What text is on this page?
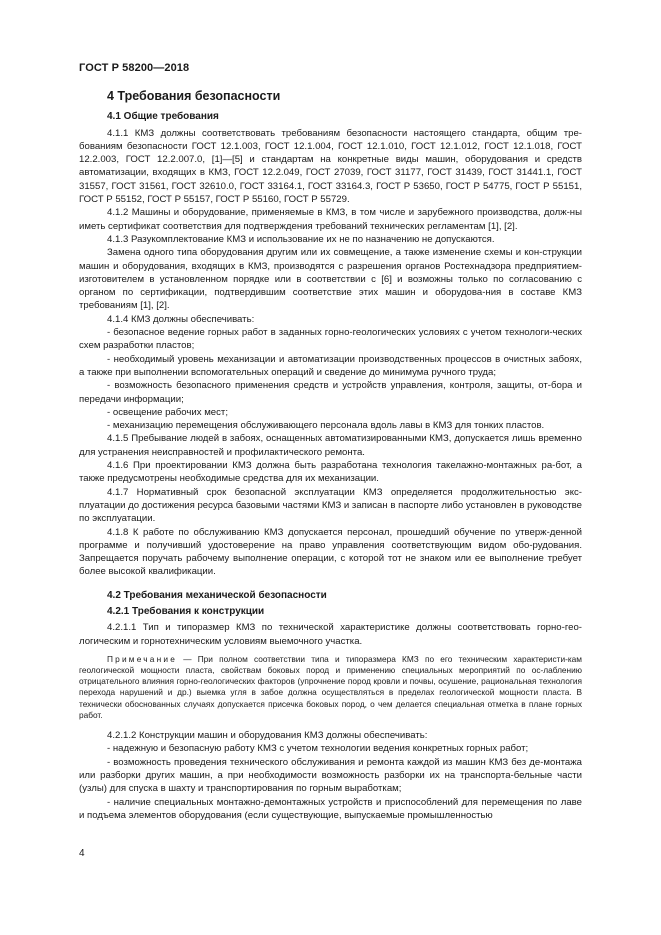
ГОСТ Р 58200—2018
4 Требования безопасности
4.1 Общие требования

4.1.1 КМЗ должны соответствовать требованиям безопасности настоящего стандарта, общим тре-бованиям безопасности ГОСТ 12.1.003, ГОСТ 12.1.004, ГОСТ 12.1.010, ГОСТ 12.1.012, ГОСТ 12.1.018, ГОСТ 12.2.003, ГОСТ 12.2.007.0, [1]—[5] и стандартам на конкретные виды машин, оборудования и средств автоматизации, входящих в КМЗ, ГОСТ 12.2.049, ГОСТ 27039, ГОСТ 31177, ГОСТ 31439, ГОСТ 31441.1, ГОСТ 31557, ГОСТ 31561, ГОСТ 32610.0, ГОСТ 33164.1, ГОСТ 33164.3, ГОСТ Р 53650, ГОСТ Р 54775, ГОСТ Р 55151, ГОСТ Р 55152, ГОСТ Р 55157, ГОСТ Р 55160, ГОСТ Р 55729.

4.1.2 Машины и оборудование, применяемые в КМЗ, в том числе и зарубежного производства, долж-ны иметь сертификат соответствия для подтверждения требований технических регламентам [1], [2].

4.1.3 Разукомплектование КМЗ и использование их не по назначению не допускаются.

Замена одного типа оборудования другим или их совмещение, а также изменение схемы и кон-струкции машин и оборудования, входящих в КМЗ, производятся с разрешения органов Ростехнадзора предприятием-изготовителем в установленном порядке или в соответствии с [6] и возможны только по согласованию с органом по сертификации, подтвердившим соответствие этих машин и оборудова-ния в составе КМЗ требованиям [1], [2].

4.1.4 КМЗ должны обеспечивать:

- безопасное ведение горных работ в заданных горно-геологических условиях с учетом технологи-ческих схем разработки пластов;

- необходимый уровень механизации и автоматизации производственных процессов в очистных забоях, а также при выполнении вспомогательных операций и сведение до минимума ручного труда;

- возможность безопасного применения средств и устройств управления, контроля, защиты, от-бора и передачи информации;

- освещение рабочих мест;

- механизацию перемещения обслуживающего персонала вдоль лавы в КМЗ для тонких пластов.

4.1.5 Пребывание людей в забоях, оснащенных автоматизированными КМЗ, допускается лишь временно для устранения неисправностей и профилактического ремонта.

4.1.6 При проектировании КМЗ должна быть разработана технология такелажно-монтажных ра-бот, а также предусмотрены необходимые средства для их механизации.

4.1.7 Нормативный срок безопасной эксплуатации КМЗ определяется продолжительностью экс-плуатации до достижения ресурса базовыми частями КМЗ и записан в паспорте либо установлен в руководстве по эксплуатации.

4.1.8 К работе по обслуживанию КМЗ допускается персонал, прошедший обучение по утверж-денной программе и получивший удостоверение на право управления соответствующим видом обо-рудования. Запрещается поручать рабочему выполнение операции, с которой тот не знаком или ее выполнение требует более высокой квалификации.

4.2 Требования механической безопасности
4.2.1 Требования к конструкции

4.2.1.1 Тип и типоразмер КМЗ по технической характеристике должны соответствовать горно-гео-логическим и горнотехническим условиям выемочного участка.

Примечание — При полном соответствии типа и типоразмера КМЗ по его техническим характеристи-кам геологической мощности пласта, свойствам боковых пород и применению специальных мероприятий по ос-лаблению отрицательного влияния горно-геологических факторов (упрочнение пород кровли и почвы, осушение, рациональная технология перехода нарушений и др.) выемка угля в забое должна осуществляться в пределах геологической мощности пласта. В технически обоснованных случаях допускается присечка боковых пород, о чем делается специальная отметка в плане горных работ.

4.2.1.2 Конструкции машин и оборудования КМЗ должны обеспечивать:

- надежную и безопасную работу КМЗ с учетом технологии ведения конкретных горных работ;

- возможность проведения технического обслуживания и ремонта каждой из машин КМЗ без де-монтажа или разборки других машин, а при необходимости возможность разборки их на транспорта-бельные части (узлы) для спуска в шахту и транспортирования по горным выработкам;

- наличие специальных монтажно-демонтажных устройств и приспособлений для перемещения по лаве и подъема элементов оборудования (если существующие, выпускаемые промышленностью

4
